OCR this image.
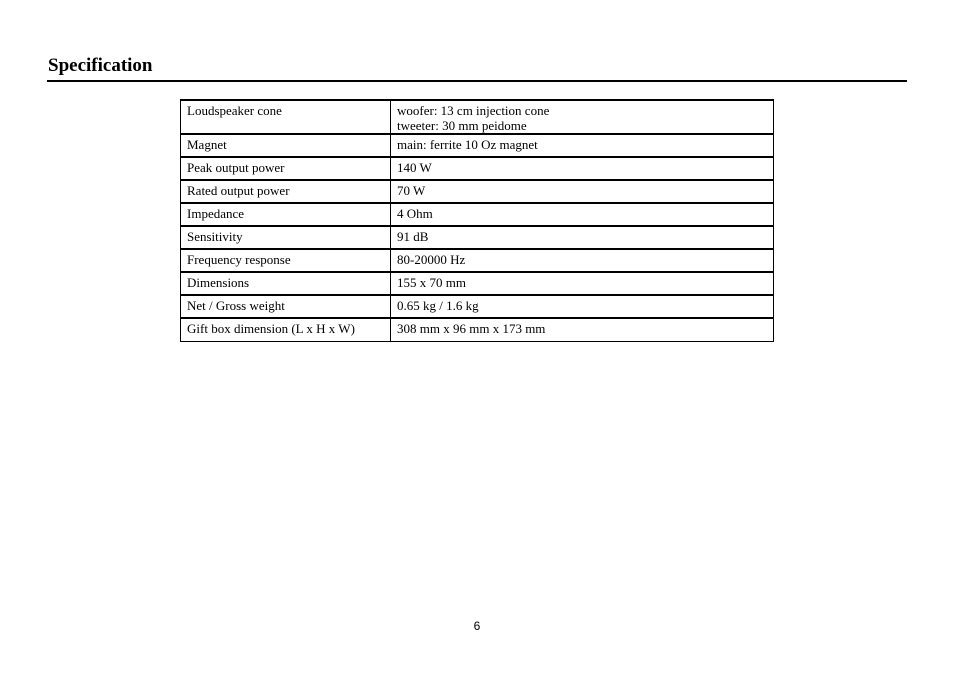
Specification
Loudspeaker cone	woofer: 13 cm injection cone
tweeter: 30 mm peidome

Magnet	main: ferrite 10 Oz magnet

Peak output power	140 W

Rated output power	70 W

Impedance	4 Ohm

Sensitivity	91 dB

Frequency response	80-20000 Hz

Dimensions	155 x 70 mm

Net / Gross weight	0.65 kg / 1.6 kg

Gift box dimension (L x H x W)	308 mm x 96 mm x 173 mm
6
